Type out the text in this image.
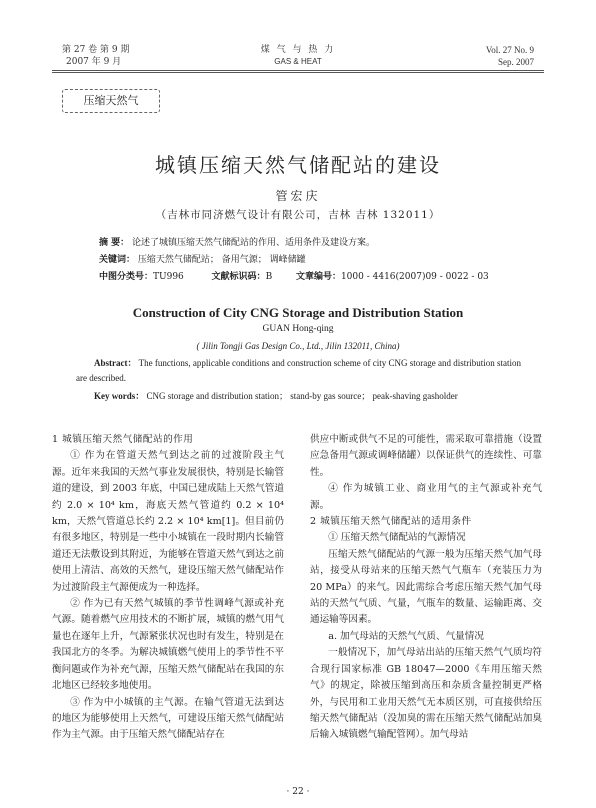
第 27 卷 第 9 期
2007 年 9 月
煤 气 与 热 力
GAS & HEAT
Vol. 27 No. 9
Sep. 2007
压缩天然气
城镇压缩天然气储配站的建设
管宏庆
（吉林市同济燃气设计有限公司，吉林 吉林 132011）
摘 要： 论述了城镇压缩天然气储配站的作用、适用条件及建设方案。
关键词： 压缩天然气储配站； 备用气源； 调峰储罐
中图分类号：TU996	文献标识码：B	文章编号：1000 - 4416(2007)09 - 0022 - 03
Construction of City CNG Storage and Distribution Station
GUAN Hong-qing
( Jilin Tongji Gas Design Co., Ltd., Jilin 132011, China)
Abstract： The functions, applicable conditions and construction scheme of city CNG storage and distribution station are described.
Key words： CNG storage and distribution station； stand-by gas source； peak-shaving gasholder

1 城镇压缩天然气储配站的作用

① 作为在管道天然气到达之前的过渡阶段主气源。近年来我国的天然气事业发展很快，特别是长输管道的建设，到 2003 年底，中国已建成陆上天然气管道约 2.0 × 10⁴ km，海底天然气管道约 0.2 × 10⁴ km，天然气管道总长约 2.2 × 10⁴ km[1]。但目前仍有很多地区，特别是一些中小城镇在一段时期内长输管道还无法敷设到其附近，为能够在管道天然气到达之前使用上清洁、高效的天然气，建设压缩天然气储配站作为过渡阶段主气源便成为一种选择。

② 作为已有天然气城镇的季节性调峰气源或补充气源。随着燃气应用技术的不断扩展，城镇的燃气用气量也在逐年上升，气源紧张状况也时有发生，特别是在我国北方的冬季。为解决城镇燃气使用上的季节性不平衡问题或作为补充气源，压缩天然气储配站在我国的东北地区已经较多地使用。

③ 作为中小城镇的主气源。在输气管道无法到达的地区为能够使用上天然气，可建设压缩天然气储配站作为主气源。由于压缩天然气储配站存在

供应中断或供气不足的可能性，需采取可靠措施（设置应急备用气源或调峰储罐）以保证供气的连续性、可靠性。

④ 作为城镇工业、商业用气的主气源或补充气源。

2 城镇压缩天然气储配站的适用条件

① 压缩天然气储配站的气源情况

压缩天然气储配站的气源一般为压缩天然气加气母站，接受从母站来的压缩天然气气瓶车（充装压力为 20 MPa）的来气。因此需综合考虑压缩天然气加气母站的天然气气质、气量，气瓶车的数量、运输距离、交通运输等因素。

a. 加气母站的天然气气质、气量情况

一般情况下，加气母站出站的压缩天然气气质均符合现行国家标准 GB 18047—2000《车用压缩天然气》的规定，除被压缩到高压和杂质含量控制更严格外，与民用和工业用天然气无本质区别，可直接供给压缩天然气储配站（没加臭的需在压缩天然气储配站加臭后输入城镇燃气输配管网）。加气母站

· 22 ·
